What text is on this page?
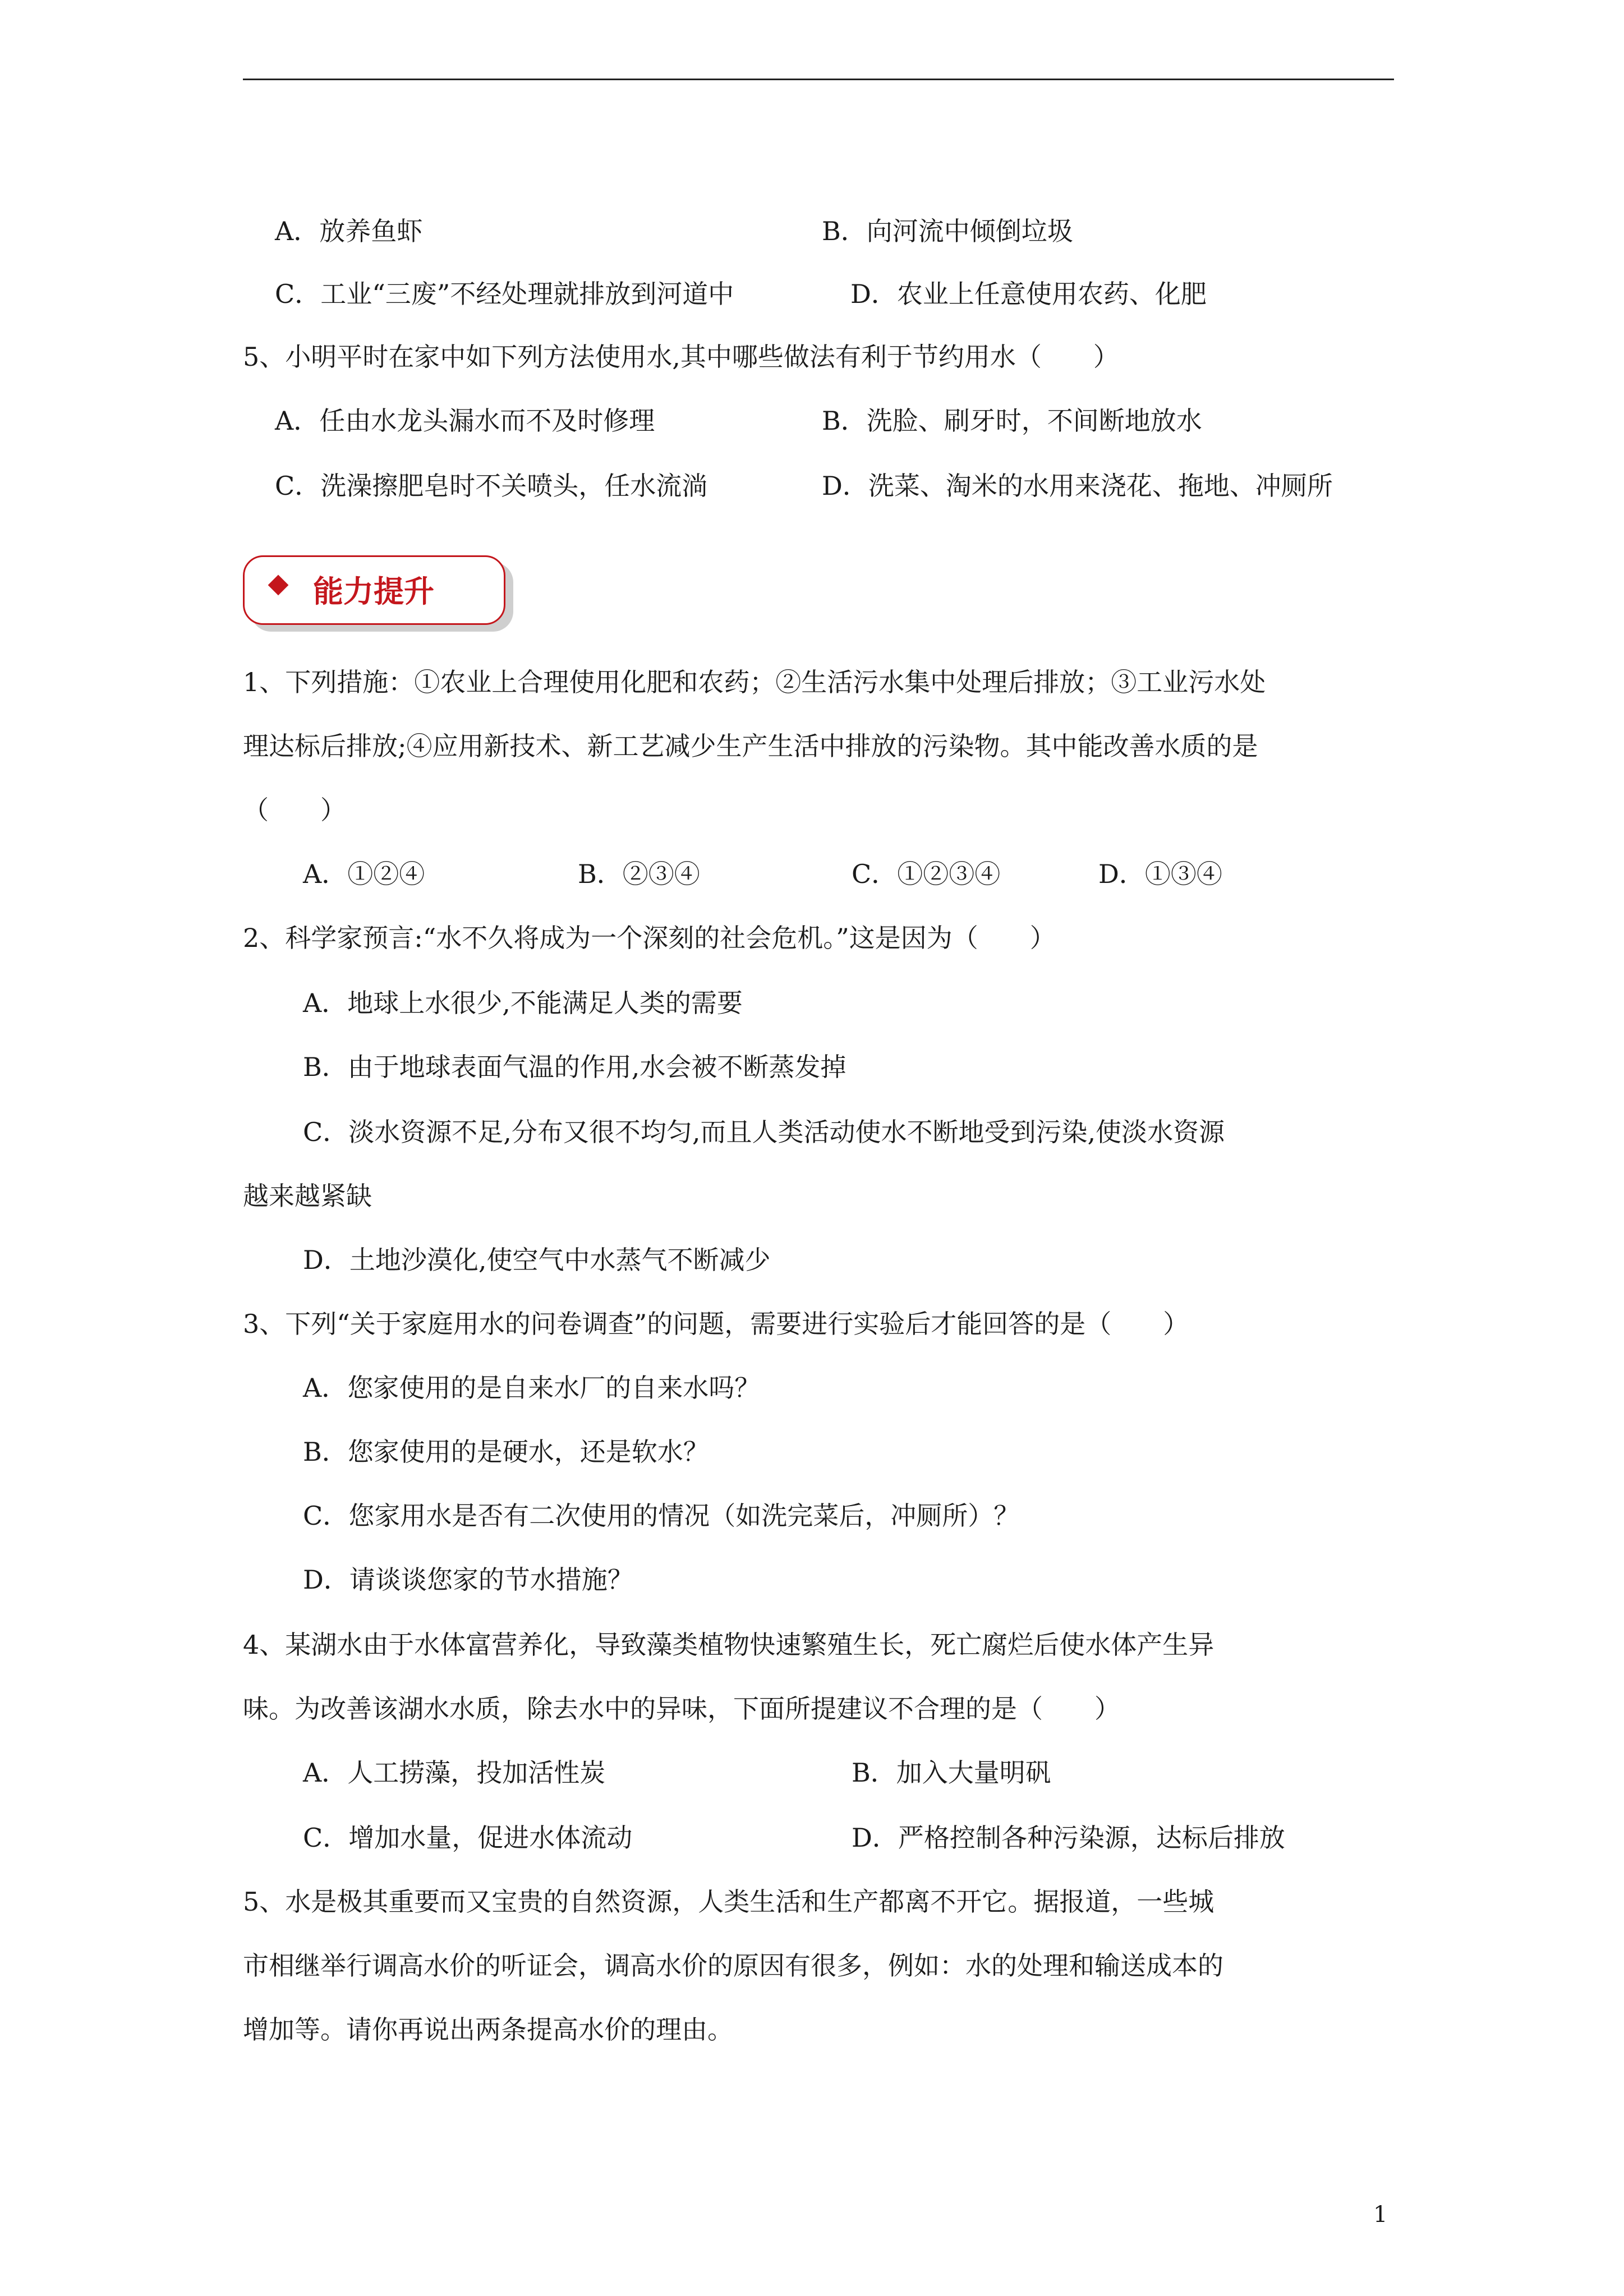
A．放养鱼虾	B．向河流中倾倒垃圾
C．工业“三废”不经处理就排放到河道中	D．农业上任意使用农药、化肥
5、小明平时在家中如下列方法使用水,其中哪些做法有利于节约用水（　　）
A．任由水龙头漏水而不及时修理	B．洗脸、刷牙时，不间断地放水
C．洗澡擦肥皂时不关喷头，任水流淌	D．洗菜、淘米的水用来浇花、拖地、冲厕所
能力提升
1、下列措施：①农业上合理使用化肥和农药；②生活污水集中处理后排放；③工业污水处
理达标后排放;④应用新技术、新工艺减少生产生活中排放的污染物。其中能改善水质的是
（　　）
A．①②④	B．②③④	C．①②③④	D．①③④
2、科学家预言:“水不久将成为一个深刻的社会危机。”这是因为（　　）
A．地球上水很少,不能满足人类的需要
B．由于地球表面气温的作用,水会被不断蒸发掉
C．淡水资源不足,分布又很不均匀,而且人类活动使水不断地受到污染,使淡水资源
越来越紧缺
D．土地沙漠化,使空气中水蒸气不断减少
3、下列“关于家庭用水的问卷调查”的问题，需要进行实验后才能回答的是（　　）
A．您家使用的是自来水厂的自来水吗？
B．您家使用的是硬水，还是软水？
C．您家用水是否有二次使用的情况（如洗完菜后，冲厕所）？
D．请谈谈您家的节水措施？
4、某湖水由于水体富营养化，导致藻类植物快速繁殖生长，死亡腐烂后使水体产生异
味。为改善该湖水水质，除去水中的异味，下面所提建议不合理的是（　　）
A．人工捞藻，投加活性炭	B．加入大量明矾
C．增加水量，促进水体流动	D．严格控制各种污染源，达标后排放
5、水是极其重要而又宝贵的自然资源，人类生活和生产都离不开它。据报道，一些城
市相继举行调高水价的听证会，调高水价的原因有很多，例如：水的处理和输送成本的
增加等。请你再说出两条提高水价的理由。
1
